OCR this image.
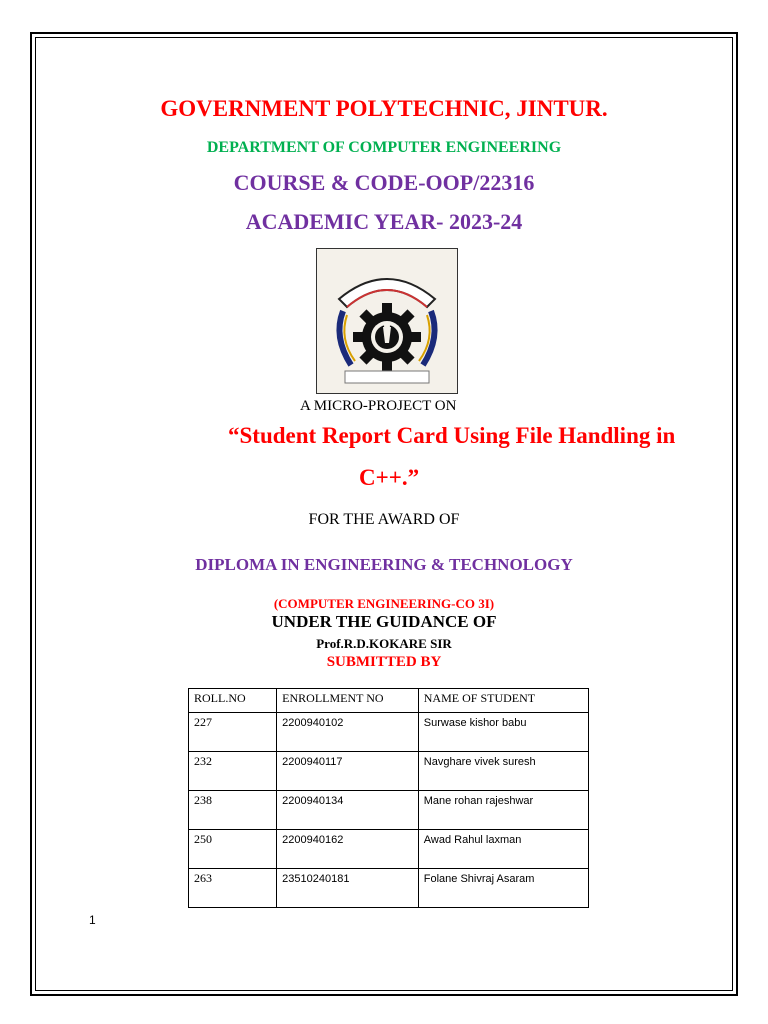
GOVERNMENT POLYTECHNIC, JINTUR.
DEPARTMENT OF COMPUTER ENGINEERING
COURSE & CODE-OOP/22316
ACADEMIC YEAR- 2023-24
A MICRO-PROJECT ON
“Student Report Card Using File Handling in
C++.”
FOR THE AWARD OF
DIPLOMA IN ENGINEERING & TECHNOLOGY
(COMPUTER ENGINEERING-CO 3I)
UNDER THE GUIDANCE OF
Prof.R.D.KOKARE SIR
SUBMITTED BY
ROLL.NO	ENROLLMENT NO	NAME OF STUDENT
227	2200940102	Surwase kishor babu
232	2200940117	Navghare vivek suresh
238	2200940134	Mane rohan rajeshwar
250	2200940162	Awad Rahul laxman
263	23510240181	Folane Shivraj Asaram
1
